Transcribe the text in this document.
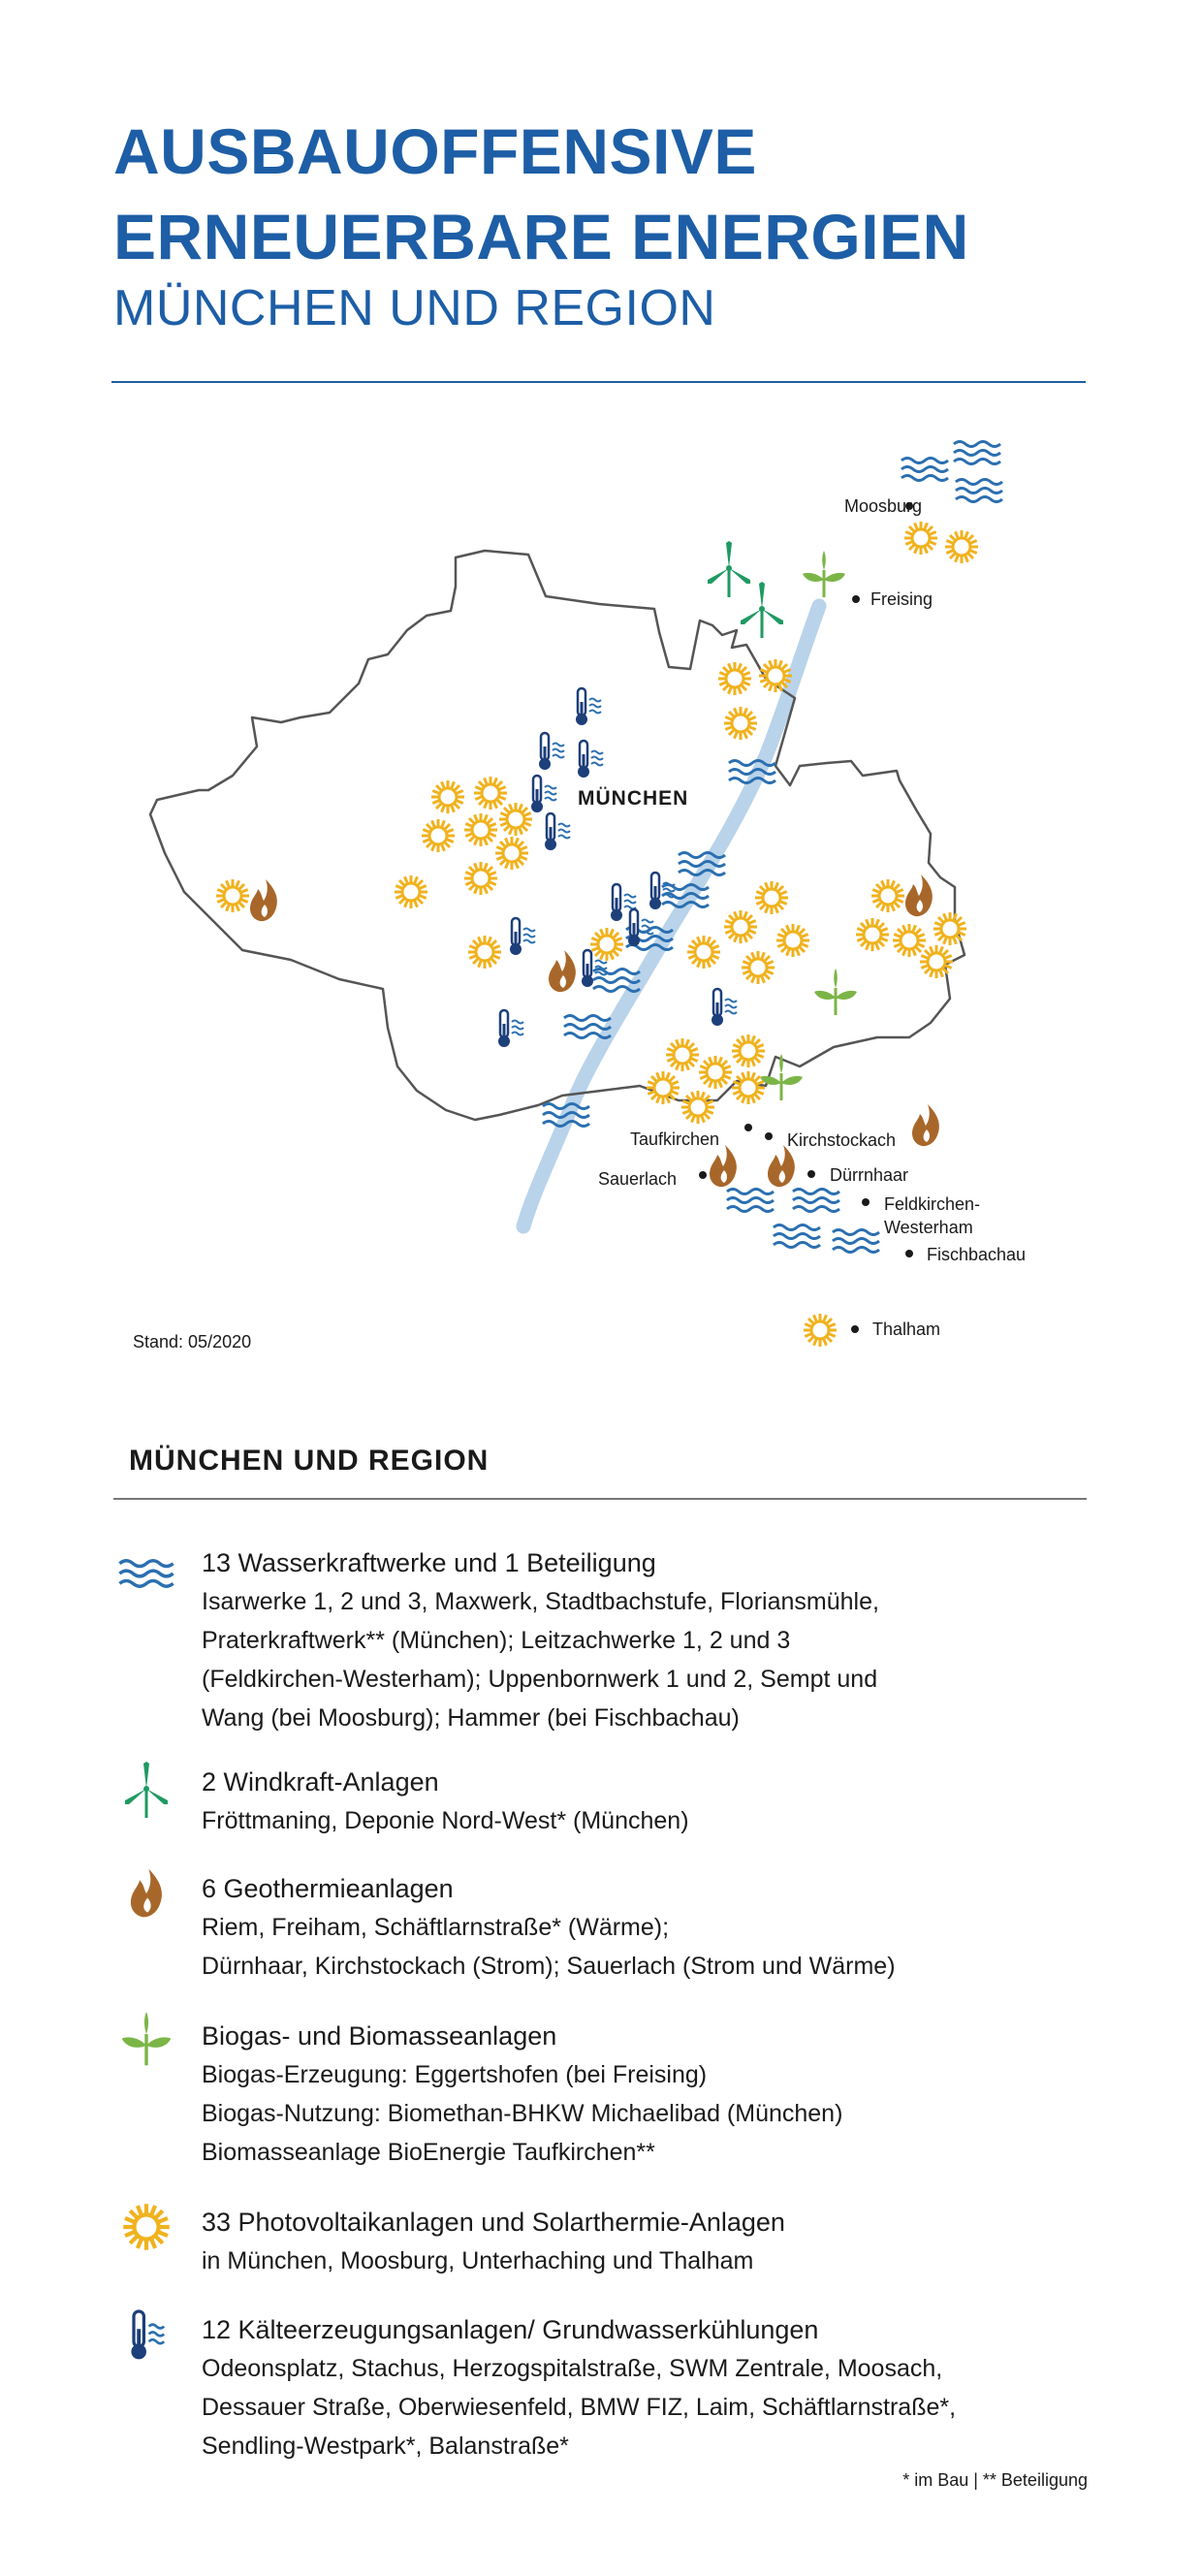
AUSBAUOFFENSIVE
ERNEUERBARE ENERGIEN
MÜNCHEN UND REGION
Moosburg
Freising
MÜNCHEN
Taufkirchen	Kirchstockach
Sauerlach	Dürrnhaar
Feldkirchen-
Westerham
Fischbachau
Thalham
Stand: 05/2020
MÜNCHEN UND REGION
13 Wasserkraftwerke und 1 Beteiligung
Isarwerke 1, 2 und 3, Maxwerk, Stadtbachstufe, Floriansmühle,
Praterkraftwerk** (München); Leitzachwerke 1, 2 und 3
(Feldkirchen-Westerham); Uppenbornwerk 1 und 2, Sempt und
Wang (bei Moosburg); Hammer (bei Fischbachau)
2 Windkraft-Anlagen
Fröttmaning, Deponie Nord-West* (München)
6 Geothermieanlagen
Riem, Freiham, Schäftlarnstraße* (Wärme);
Dürnhaar, Kirchstockach (Strom); Sauerlach (Strom und Wärme)
Biogas- und Biomasseanlagen
Biogas-Erzeugung: Eggertshofen (bei Freising)
Biogas-Nutzung: Biomethan-BHKW Michaelibad (München)
Biomasseanlage BioEnergie Taufkirchen**
33 Photovoltaikanlagen und Solarthermie-Anlagen
in München, Moosburg, Unterhaching und Thalham
12 Kälteerzeugungsanlagen/ Grundwasserkühlungen
Odeonsplatz, Stachus, Herzogspitalstraße, SWM Zentrale, Moosach,
Dessauer Straße, Oberwiesenfeld, BMW FIZ, Laim, Schäftlarnstraße*,
Sendling-Westpark*, Balanstraße*
* im Bau | ** Beteiligung
